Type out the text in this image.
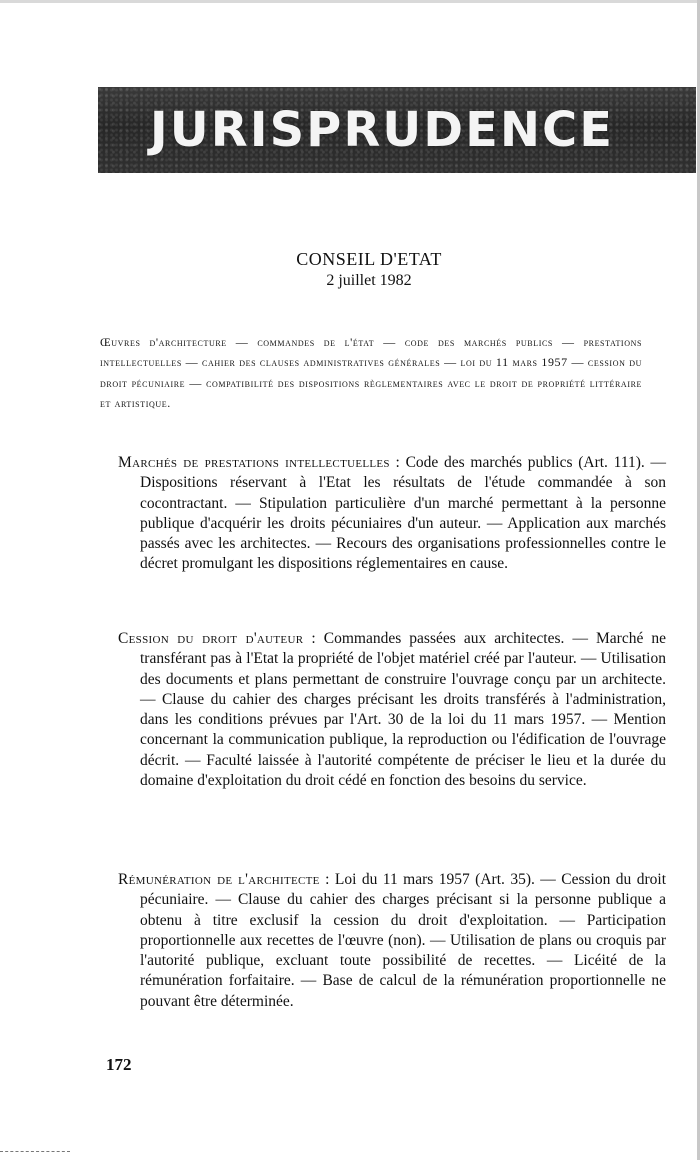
JURISPRUDENCE
CONSEIL D'ETAT
2 juillet 1982
Œuvres d'architecture — commandes de l'état — code des marchés publics — prestations intellectuelles — cahier des clauses administratives générales — loi du 11 mars 1957 — cession du droit pécuniaire — compatibilité des dispositions règlementaires avec le droit de propriété littéraire et artistique.
Marchés de prestations intellectuelles : Code des marchés publics (Art. 111). — Dispositions réservant à l'Etat les résultats de l'étude commandée à son cocontractant. — Stipulation particulière d'un marché permettant à la personne publique d'acquérir les droits pécuniaires d'un auteur. — Application aux marchés passés avec les architectes. — Recours des organisations professionnelles contre le décret promulgant les dispositions réglementaires en cause.
Cession du droit d'auteur : Commandes passées aux architectes. — Marché ne transférant pas à l'Etat la propriété de l'objet matériel créé par l'auteur. — Utilisation des documents et plans permettant de construire l'ouvrage conçu par un architecte. — Clause du cahier des charges précisant les droits transférés à l'administration, dans les conditions prévues par l'Art. 30 de la loi du 11 mars 1957. — Mention concernant la communication publique, la reproduction ou l'édification de l'ouvrage décrit. — Faculté laissée à l'autorité compétente de préciser le lieu et la durée du domaine d'exploitation du droit cédé en fonction des besoins du service.
Rémunération de l'architecte : Loi du 11 mars 1957 (Art. 35). — Cession du droit pécuniaire. — Clause du cahier des charges précisant si la personne publique a obtenu à titre exclusif la cession du droit d'exploitation. — Participation proportionnelle aux recettes de l'œuvre (non). — Utilisation de plans ou croquis par l'autorité publique, excluant toute possibilité de recettes. — Licéité de la rémunération forfaitaire. — Base de calcul de la rémunération proportionnelle ne pouvant être déterminée.
172
